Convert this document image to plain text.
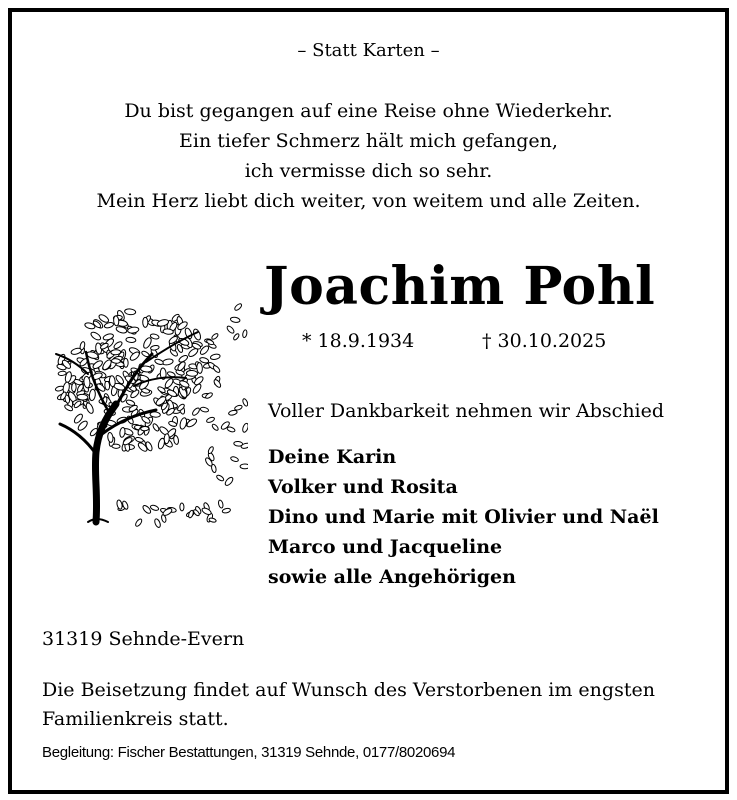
– Statt Karten –
Du bist gegangen auf eine Reise ohne Wiederkehr.
Ein tiefer Schmerz hält mich gefangen,
ich vermisse dich so sehr.
Mein Herz liebt dich weiter, von weitem und alle Zeiten.
Joachim Pohl
* 18.9.1934	† 30.10.2025
Voller Dankbarkeit nehmen wir Abschied
Deine Karin
Volker und Rosita
Dino und Marie mit Olivier und Naël
Marco und Jacqueline
sowie alle Angehörigen
31319 Sehnde-Evern
Die Beisetzung findet auf Wunsch des Verstorbenen im engsten
Familienkreis statt.
Begleitung: Fischer Bestattungen, 31319 Sehnde, 0177/8020694
